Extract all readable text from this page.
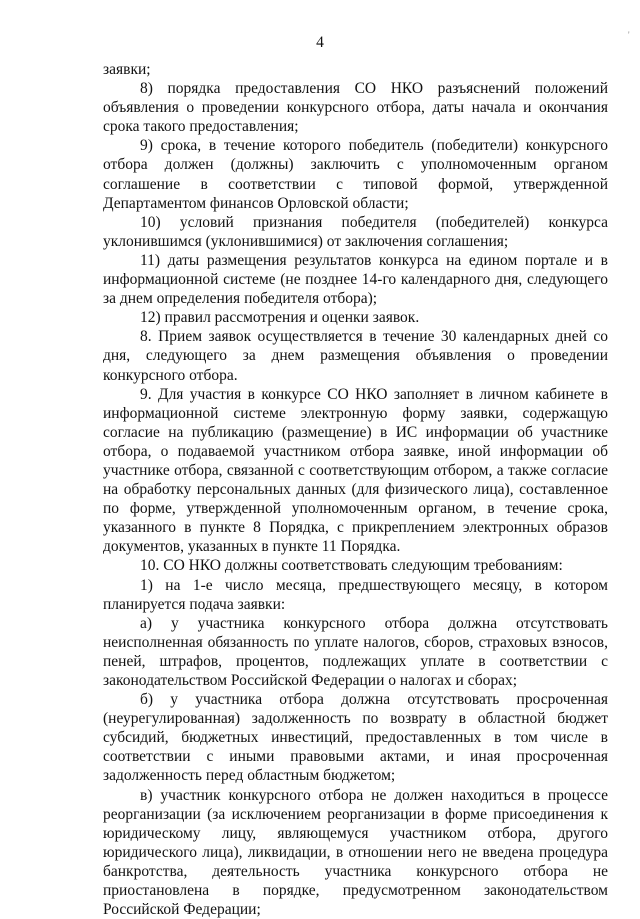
'
4

заявки;

8) порядка предоставления СО НКО разъяснений положений объявления о проведении конкурсного отбора, даты начала и окончания срока такого предоставления;

9) срока, в течение которого победитель (победители) конкурсного отбора должен (должны) заключить с уполномоченным органом соглашение в соответствии с типовой формой, утвержденной Департаментом финансов Орловской области;

10) условий признания победителя (победителей) конкурса уклонившимся (уклонившимися) от заключения соглашения;

11) даты размещения результатов конкурса на едином портале и в информационной системе (не позднее 14-го календарного дня, следующего за днем определения победителя отбора);

12) правил рассмотрения и оценки заявок.

8. Прием заявок осуществляется в течение 30 календарных дней со дня, следующего за днем размещения объявления о проведении конкурсного отбора.

9. Для участия в конкурсе СО НКО заполняет в личном кабинете в информационной системе электронную форму заявки, содержащую согласие на публикацию (размещение) в ИС информации об участнике отбора, о подаваемой участником отбора заявке, иной информации об участнике отбора, связанной с соответствующим отбором, а также согласие на обработку персональных данных (для физического лица), составленное по форме, утвержденной уполномоченным органом, в течение срока, указанного в пункте 8 Порядка, с прикреплением электронных образов документов, указанных в пункте 11 Порядка.

10. СО НКО должны соответствовать следующим требованиям:

1) на 1-е число месяца, предшествующего месяцу, в котором планируется подача заявки:

а) у участника конкурсного отбора должна отсутствовать неисполненная обязанность по уплате налогов, сборов, страховых взносов, пеней, штрафов, процентов, подлежащих уплате в соответствии с законодательством Российской Федерации о налогах и сборах;

б) у участника отбора должна отсутствовать просроченная (неурегулированная) задолженность по возврату в областной бюджет субсидий, бюджетных инвестиций, предоставленных в том числе в соответствии с иными правовыми актами, и иная просроченная задолженность перед областным бюджетом;

в) участник конкурсного отбора не должен находиться в процессе реорганизации (за исключением реорганизации в форме присоединения к юридическому лицу, являющемуся участником отбора, другого юридического лица), ликвидации, в отношении него не введена процедура банкротства, деятельность участника конкурсного отбора не приостановлена в порядке, предусмотренном законодательством Российской Федерации;
